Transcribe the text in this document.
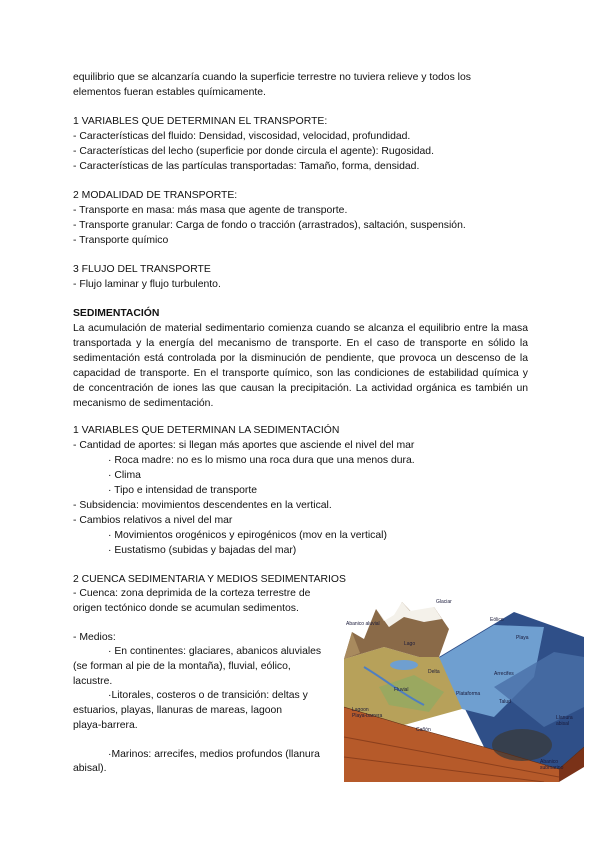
equilibrio que se alcanzaría cuando la superficie terrestre no tuviera relieve y todos los
elementos fueran estables químicamente.
1 VARIABLES QUE DETERMINAN EL TRANSPORTE:
- Características del fluido: Densidad, viscosidad, velocidad, profundidad.
- Características del lecho (superficie por donde circula el agente): Rugosidad.
- Características de las partículas transportadas: Tamaño, forma, densidad.
2 MODALIDAD DE TRANSPORTE:
- Transporte en masa: más masa que agente de transporte.
- Transporte granular: Carga de fondo o tracción (arrastrados), saltación, suspensión.
- Transporte químico
3 FLUJO DEL TRANSPORTE
- Flujo laminar y flujo turbulento.
SEDIMENTACIÓN
La acumulación de material sedimentario comienza cuando se alcanza el equilibrio entre la masa transportada y la energía del mecanismo de transporte. En el caso de transporte en sólido la sedimentación está controlada por la disminución de pendiente, que provoca un descenso de la capacidad de transporte. En el transporte químico, son las condiciones de estabilidad química y de concentración de iones las que causan la precipitación. La actividad orgánica es también un mecanismo de sedimentación.
1 VARIABLES QUE DETERMINAN LA SEDIMENTACIÓN
- Cantidad de aportes: si llegan más aportes que asciende el nivel del mar
· Roca madre: no es lo mismo una roca dura que una menos dura.
· Clima
· Tipo e intensidad de transporte
- Subsidencia: movimientos descendentes en la vertical.
- Cambios relativos a nivel del mar
· Movimientos orogénicos y epirogénicos (mov en la vertical)
· Eustatismo (subidas y bajadas del mar)
2 CUENCA SEDIMENTARIA Y MEDIOS SEDIMENTARIOS
- Cuenca: zona deprimida de la corteza terrestre de
origen tectónico donde se acumulan sedimentos.
- Medios:
· En continentes: glaciares, abanicos aluviales
(se forman al pie de la montaña), fluvial, eólico,
lacustre.
·Litorales, costeros o de transición: deltas y
estuarios, playas, llanuras de mareas, lagoon
playa-barrera.
·Marinos: arrecifes, medios profundos (llanura
abisal).
Glaciar
Abanico aluvial
Eólico
Playa
Lago
Delta
Fluvial
Plataforma
Arrecifes
Talud
Lagoon
Playa-barrera
Cañón
Llanura
abisal
Abanico
submarino
